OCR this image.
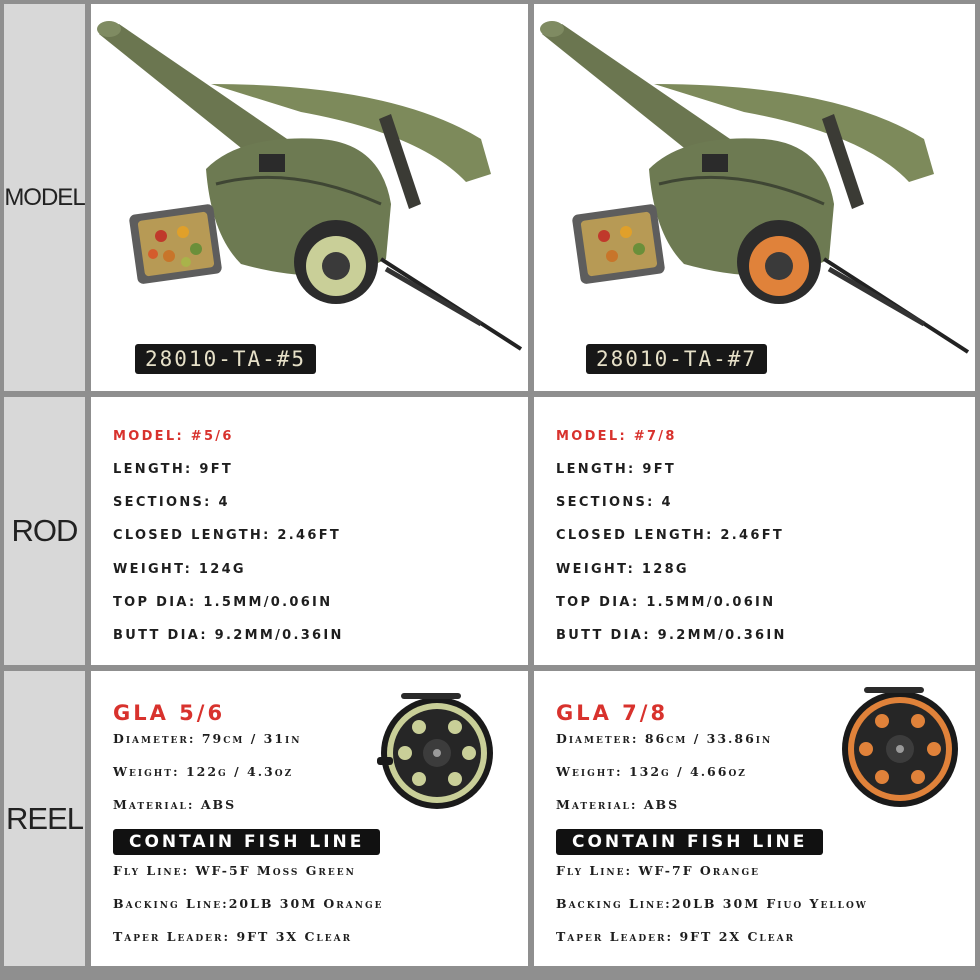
MODEL
ROD
REEL
28010-TA-#5	28010-TA-#7
MODEL: #5/6
LENGTH: 9FT
SECTIONS: 4
CLOSED LENGTH: 2.46FT
WEIGHT: 124G
TOP DIA: 1.5MM/0.06IN
BUTT DIA: 9.2MM/0.36IN
MODEL: #7/8
LENGTH: 9FT
SECTIONS: 4
CLOSED LENGTH: 2.46FT
WEIGHT: 128G
TOP DIA: 1.5MM/0.06IN
BUTT DIA: 9.2MM/0.36IN
GLA 5/6
Diameter: 79cm / 31in
Weight: 122g / 4.3oz
Material: ABS
CONTAIN FISH LINE
Fly Line: WF-5F Moss Green
Backing Line:20LB 30M Orange
Taper Leader: 9FT 3X Clear
GLA 7/8
Diameter: 86cm / 33.86in
Weight: 132g / 4.66oz
Material: ABS
CONTAIN FISH LINE
Fly Line: WF-7F Orange
Backing Line:20LB 30M Fiuo Yellow
Taper Leader: 9FT 2X Clear
